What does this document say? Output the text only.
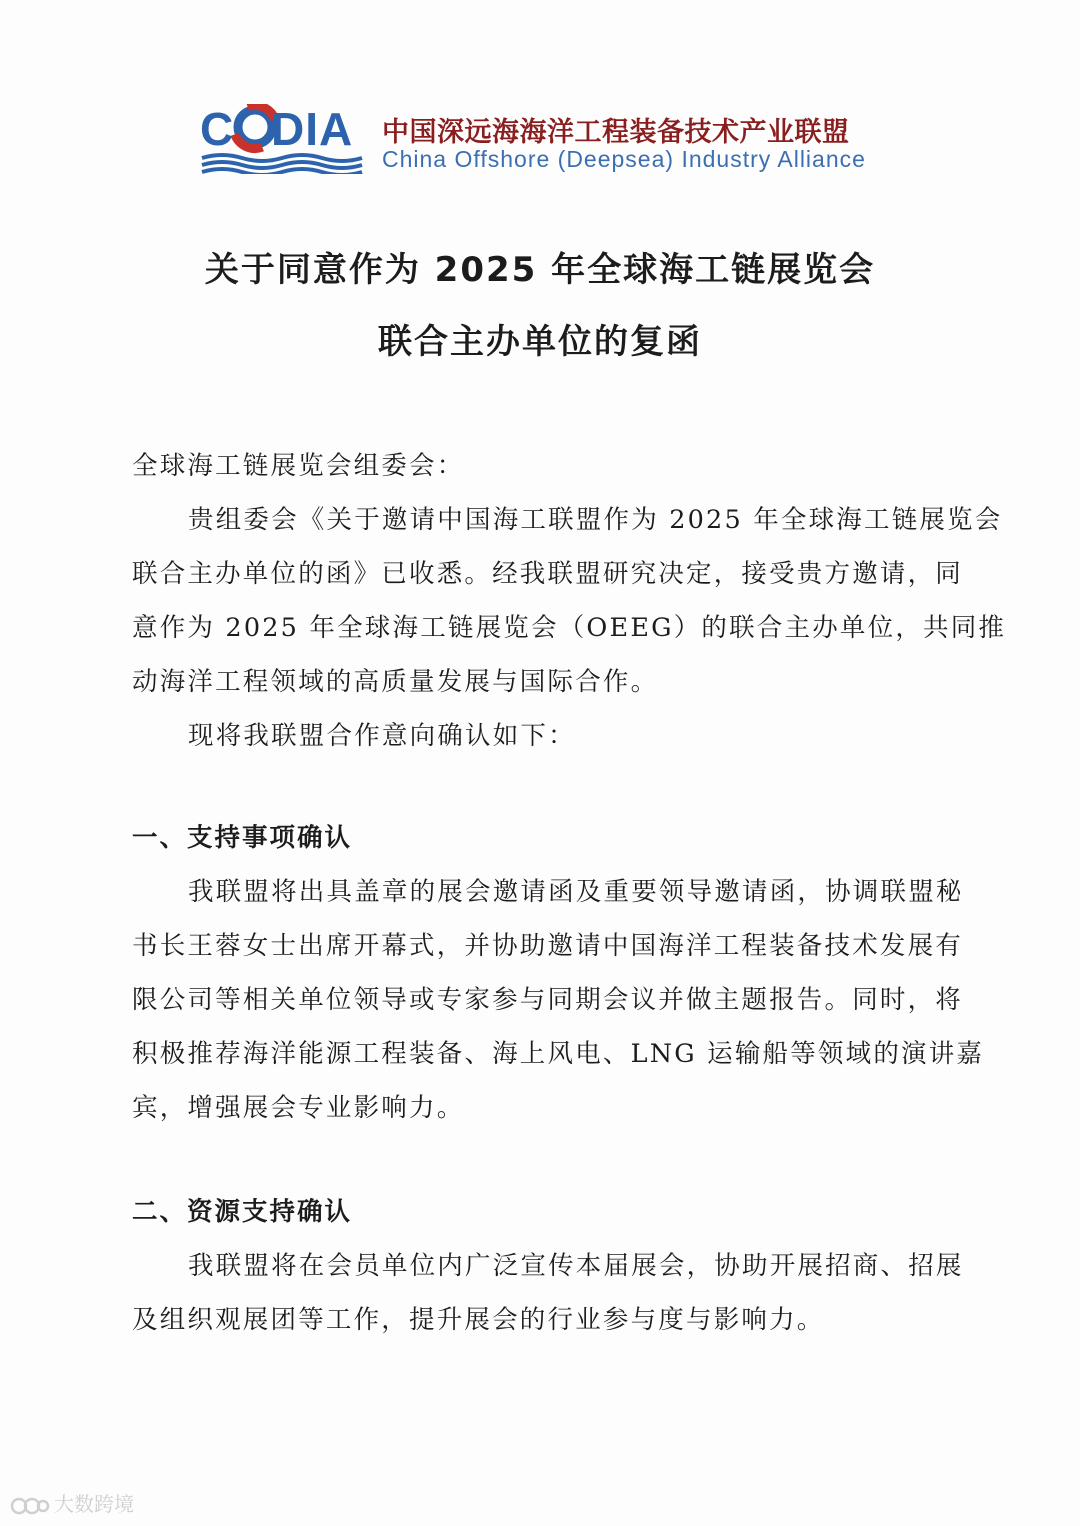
C DIA	中国深远海海洋工程装备技术产业联盟
China Offshore (Deepsea) Industry Alliance
关于同意作为 2025 年全球海工链展览会
联合主办单位的复函
全球海工链展览会组委会：
贵组委会《关于邀请中国海工联盟作为 2025 年全球海工链展览会
联合主办单位的函》已收悉。经我联盟研究决定，接受贵方邀请，同
意作为 2025 年全球海工链展览会（OEEG）的联合主办单位，共同推
动海洋工程领域的高质量发展与国际合作。
现将我联盟合作意向确认如下：
一、支持事项确认
我联盟将出具盖章的展会邀请函及重要领导邀请函，协调联盟秘
书长王蓉女士出席开幕式，并协助邀请中国海洋工程装备技术发展有
限公司等相关单位领导或专家参与同期会议并做主题报告。同时，将
积极推荐海洋能源工程装备、海上风电、LNG 运输船等领域的演讲嘉
宾，增强展会专业影响力。
二、资源支持确认
我联盟将在会员单位内广泛宣传本届展会，协助开展招商、招展
及组织观展团等工作，提升展会的行业参与度与影响力。
大数跨境
